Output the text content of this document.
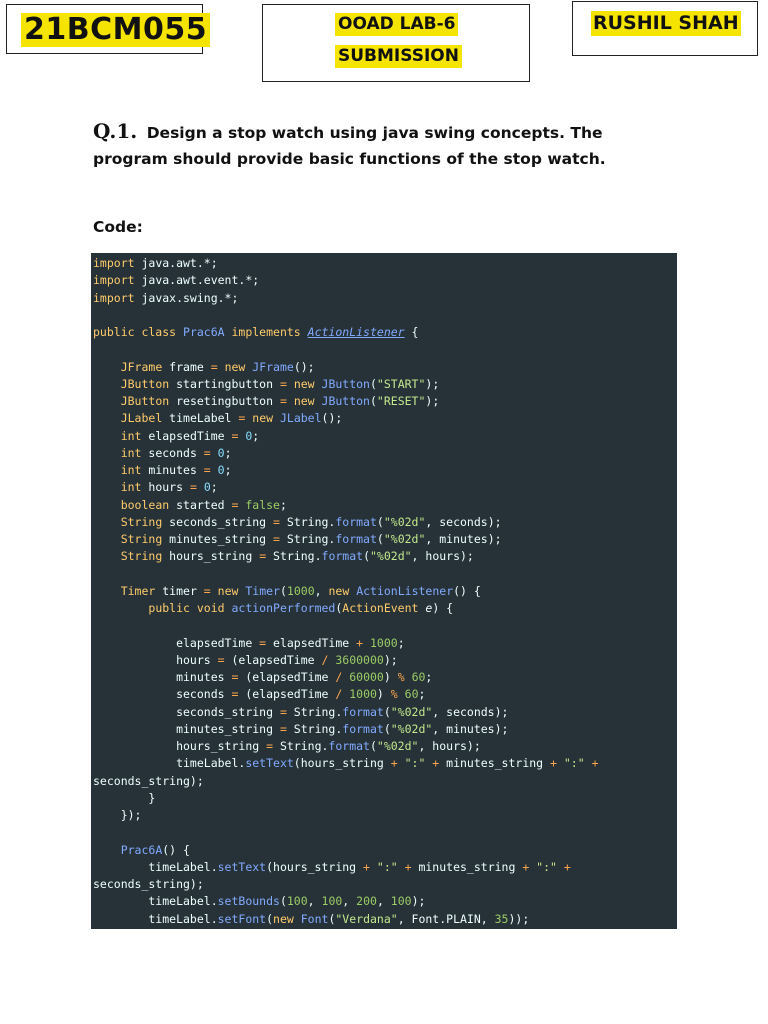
21BCM055	OOAD LAB-6
SUBMISSION
RUSHIL SHAH
Q.1. Design a stop watch using java swing concepts. The program should provide basic functions of the stop watch.
Code:
import java.awt.*;
import java.awt.event.*;
import javax.swing.*;
public class Prac6A implements ActionListener {
JFrame frame = new JFrame();
JButton startingbutton = new JButton("START");
JButton resetingbutton = new JButton("RESET");
JLabel timeLabel = new JLabel();
int elapsedTime = 0;
int seconds = 0;
int minutes = 0;
int hours = 0;
boolean started = false;
String seconds_string = String.format("%02d", seconds);
String minutes_string = String.format("%02d", minutes);
String hours_string = String.format("%02d", hours);
Timer timer = new Timer(1000, new ActionListener() {
public void actionPerformed(ActionEvent e) {
elapsedTime = elapsedTime + 1000;
hours = (elapsedTime / 3600000);
minutes = (elapsedTime / 60000) % 60;
seconds = (elapsedTime / 1000) % 60;
seconds_string = String.format("%02d", seconds);
minutes_string = String.format("%02d", minutes);
hours_string = String.format("%02d", hours);
timeLabel.setText(hours_string + ":" + minutes_string + ":" +
seconds_string);
}
});
Prac6A() {
timeLabel.setText(hours_string + ":" + minutes_string + ":" +
seconds_string);
timeLabel.setBounds(100, 100, 200, 100);
timeLabel.setFont(new Font("Verdana", Font.PLAIN, 35));
